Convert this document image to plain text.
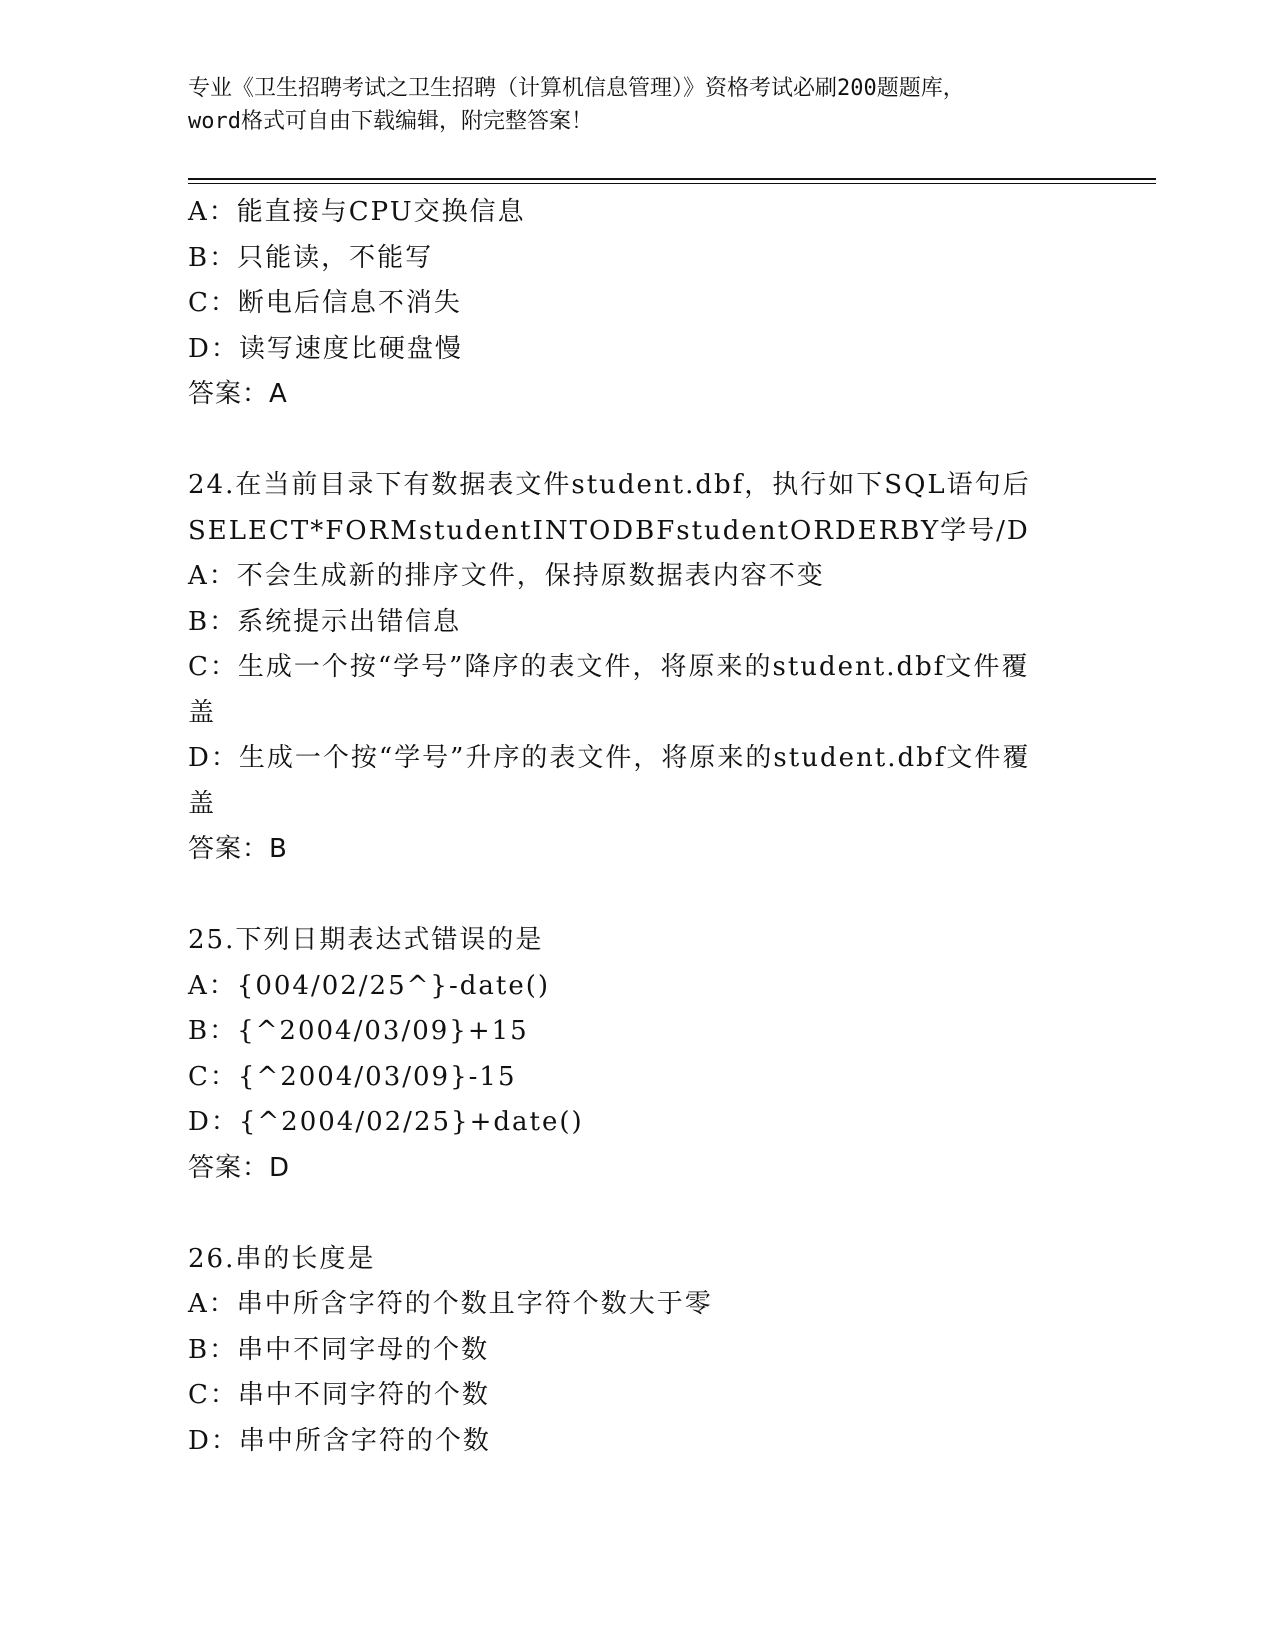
专业《卫生招聘考试之卫生招聘（计算机信息管理）》资格考试必刷200题题库，
word格式可自由下载编辑，附完整答案！
A：能直接与CPU交换信息
B：只能读，不能写
C：断电后信息不消失
D：读写速度比硬盘慢
答案：A
24.在当前目录下有数据表文件student.dbf，执行如下SQL语句后
SELECT*FORMstudentINTODBFstudentORDERBY学号/D
A：不会生成新的排序文件，保持原数据表内容不变
B：系统提示出错信息
C：生成一个按“学号”降序的表文件，将原来的student.dbf文件覆
盖
D：生成一个按“学号”升序的表文件，将原来的student.dbf文件覆
盖
答案：B
25.下列日期表达式错误的是
A：{004/02/25^}-date()
B：{^2004/03/09}+15
C：{^2004/03/09}-15
D：{^2004/02/25}+date()
答案：D
26.串的长度是
A：串中所含字符的个数且字符个数大于零
B：串中不同字母的个数
C：串中不同字符的个数
D：串中所含字符的个数
